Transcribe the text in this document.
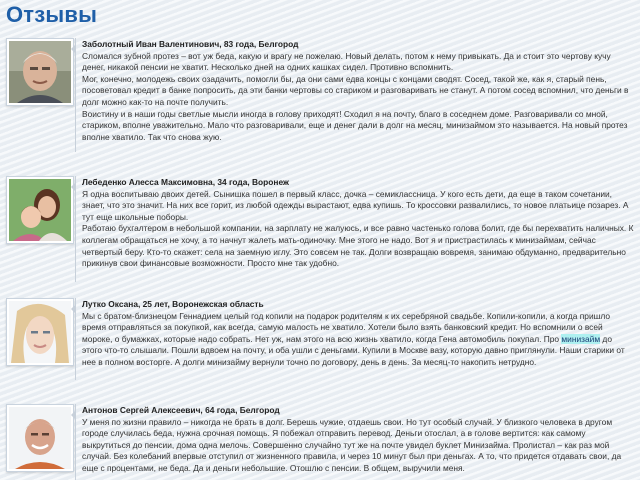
Отзывы

Заболотный Иван Валентинович, 83 года, Белгород

Сломался зубной протез – вот уж беда, какую и врагу не пожелаю. Новый делать, потом к нему привыкать. Да и стоит это чертову кучу денег, никакой пенсии не хватит. Несколько дней на одних кашках сидел. Противно вспомнить.

Мог, конечно, молодежь своих озадачить, помогли бы, да они сами едва концы с концами сводят. Сосед, такой же, как я, старый пень, посоветовал кредит в банке попросить, да эти банки чертовы со стариком и разговаривать не станут. А потом сосед вспомнил, что деньги в долг можно как-то на почте получить.

Воистину и в наши годы светлые мысли иногда в голову приходят! Сходил я на почту, благо в соседнем доме. Разговаривали со мной, стариком, вполне уважительно. Мало что разговаривали, еще и денег дали в долг на месяц, минизаймом это называется. На новый протез вполне хватило. Так что снова жую.

Лебеденко Алесса Максимовна, 34 года, Воронеж

Я одна воспитываю двоих детей. Сынишка пошел в первый класс, дочка – семиклассница. У кого есть дети, да еще в таком сочетании, знает, что это значит. На них все горит, из любой одежды вырастают, едва купишь. То кроссовки развалились, то новое платьице позарез. А тут еще школьные поборы.

Работаю бухгалтером в небольшой компании, на зарплату не жалуюсь, и все равно частенько голова болит, где бы перехватить наличных. К коллегам обращаться не хочу, а то начнут жалеть мать-одиночку. Мне этого не надо. Вот я и пристрастилась к минизаймам, сейчас четвертый беру. Кто-то скажет: села на заемную иглу. Это совсем не так. Долги возвращаю вовремя, занимаю обдуманно, предварительно прикинув свои финансовые возможности. Просто мне так удобно.

Лутко Оксана, 25 лет, Воронежская область

Мы с братом-близнецом Геннадием целый год копили на подарок родителям к их серебряной свадьбе. Копили-копили, а когда пришло время отправляться за покупкой, как всегда, самую малость не хватило. Хотели было взять банковский кредит. Но вспомнили о всей мороке, о бумажках, которые надо собрать. Нет уж, нам этого на всю жизнь хватило, когда Гена автомобиль покупал. Про минизайм до этого что-то слышали. Пошли вдвоем на почту, и оба ушли с деньгами. Купили в Москве вазу, которую давно приглянули. Наши старики от нее в полном восторге. А долги минизайму вернули точно по договору, день в день. За месяц-то накопить нетрудно.

Антонов Сергей Алексеевич, 64 года, Белгород

У меня по жизни правило – никогда не брать в долг. Берешь чужие, отдаешь свои. Но тут особый случай. У близкого человека в другом городе случилась беда, нужна срочная помощь. Я побежал отправить перевод. Деньги отослал, а в голове вертится: как самому выкрутиться до пенсии, дома одна мелочь. Совершенно случайно тут же на почте увидел буклет Минизайма. Пролистал – как раз мой случай. Без колебаний впервые отступил от жизненного правила, и через 10 минут был при деньгах. А то, что придется отдавать свои, да еще с процентами, не беда. Да и деньги небольшие. Отошлю с пенсии. В общем, выручили меня.
